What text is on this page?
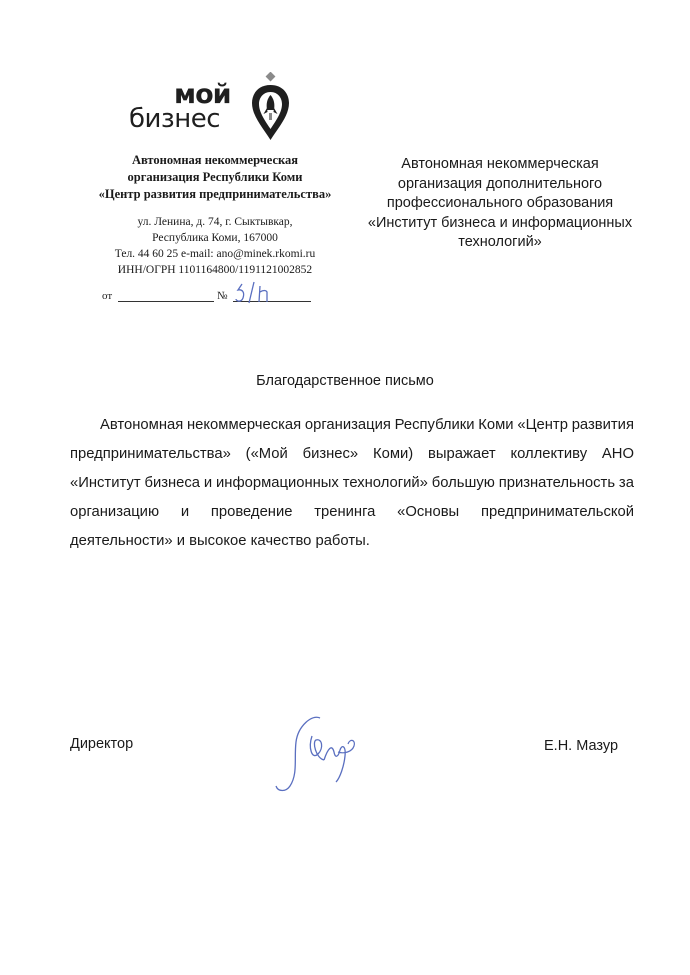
мой
бизнес
Автономная некоммерческая
организация Республики Коми
«Центр развития предпринимательства»
ул. Ленина, д. 74, г. Сыктывкар,
Республика Коми, 167000
Тел. 44 60 25 e-mail: ano@minek.rkomi.ru
ИНН/ОГРН 1101164800/1191121002852
от	№
Автономная некоммерческая
организация дополнительного
профессионального образования
«Институт бизнеса и информационных
технологий»
Благодарственное письмо
Автономная некоммерческая организация Республики Коми «Центр развития
предпринимательства» («Мой бизнес» Коми) выражает коллективу АНО
«Институт бизнеса и информационных технологий» большую признательность за
организацию и проведение тренинга «Основы предпринимательской
деятельности» и высокое качество работы.
Директор	Е.Н. Мазур
